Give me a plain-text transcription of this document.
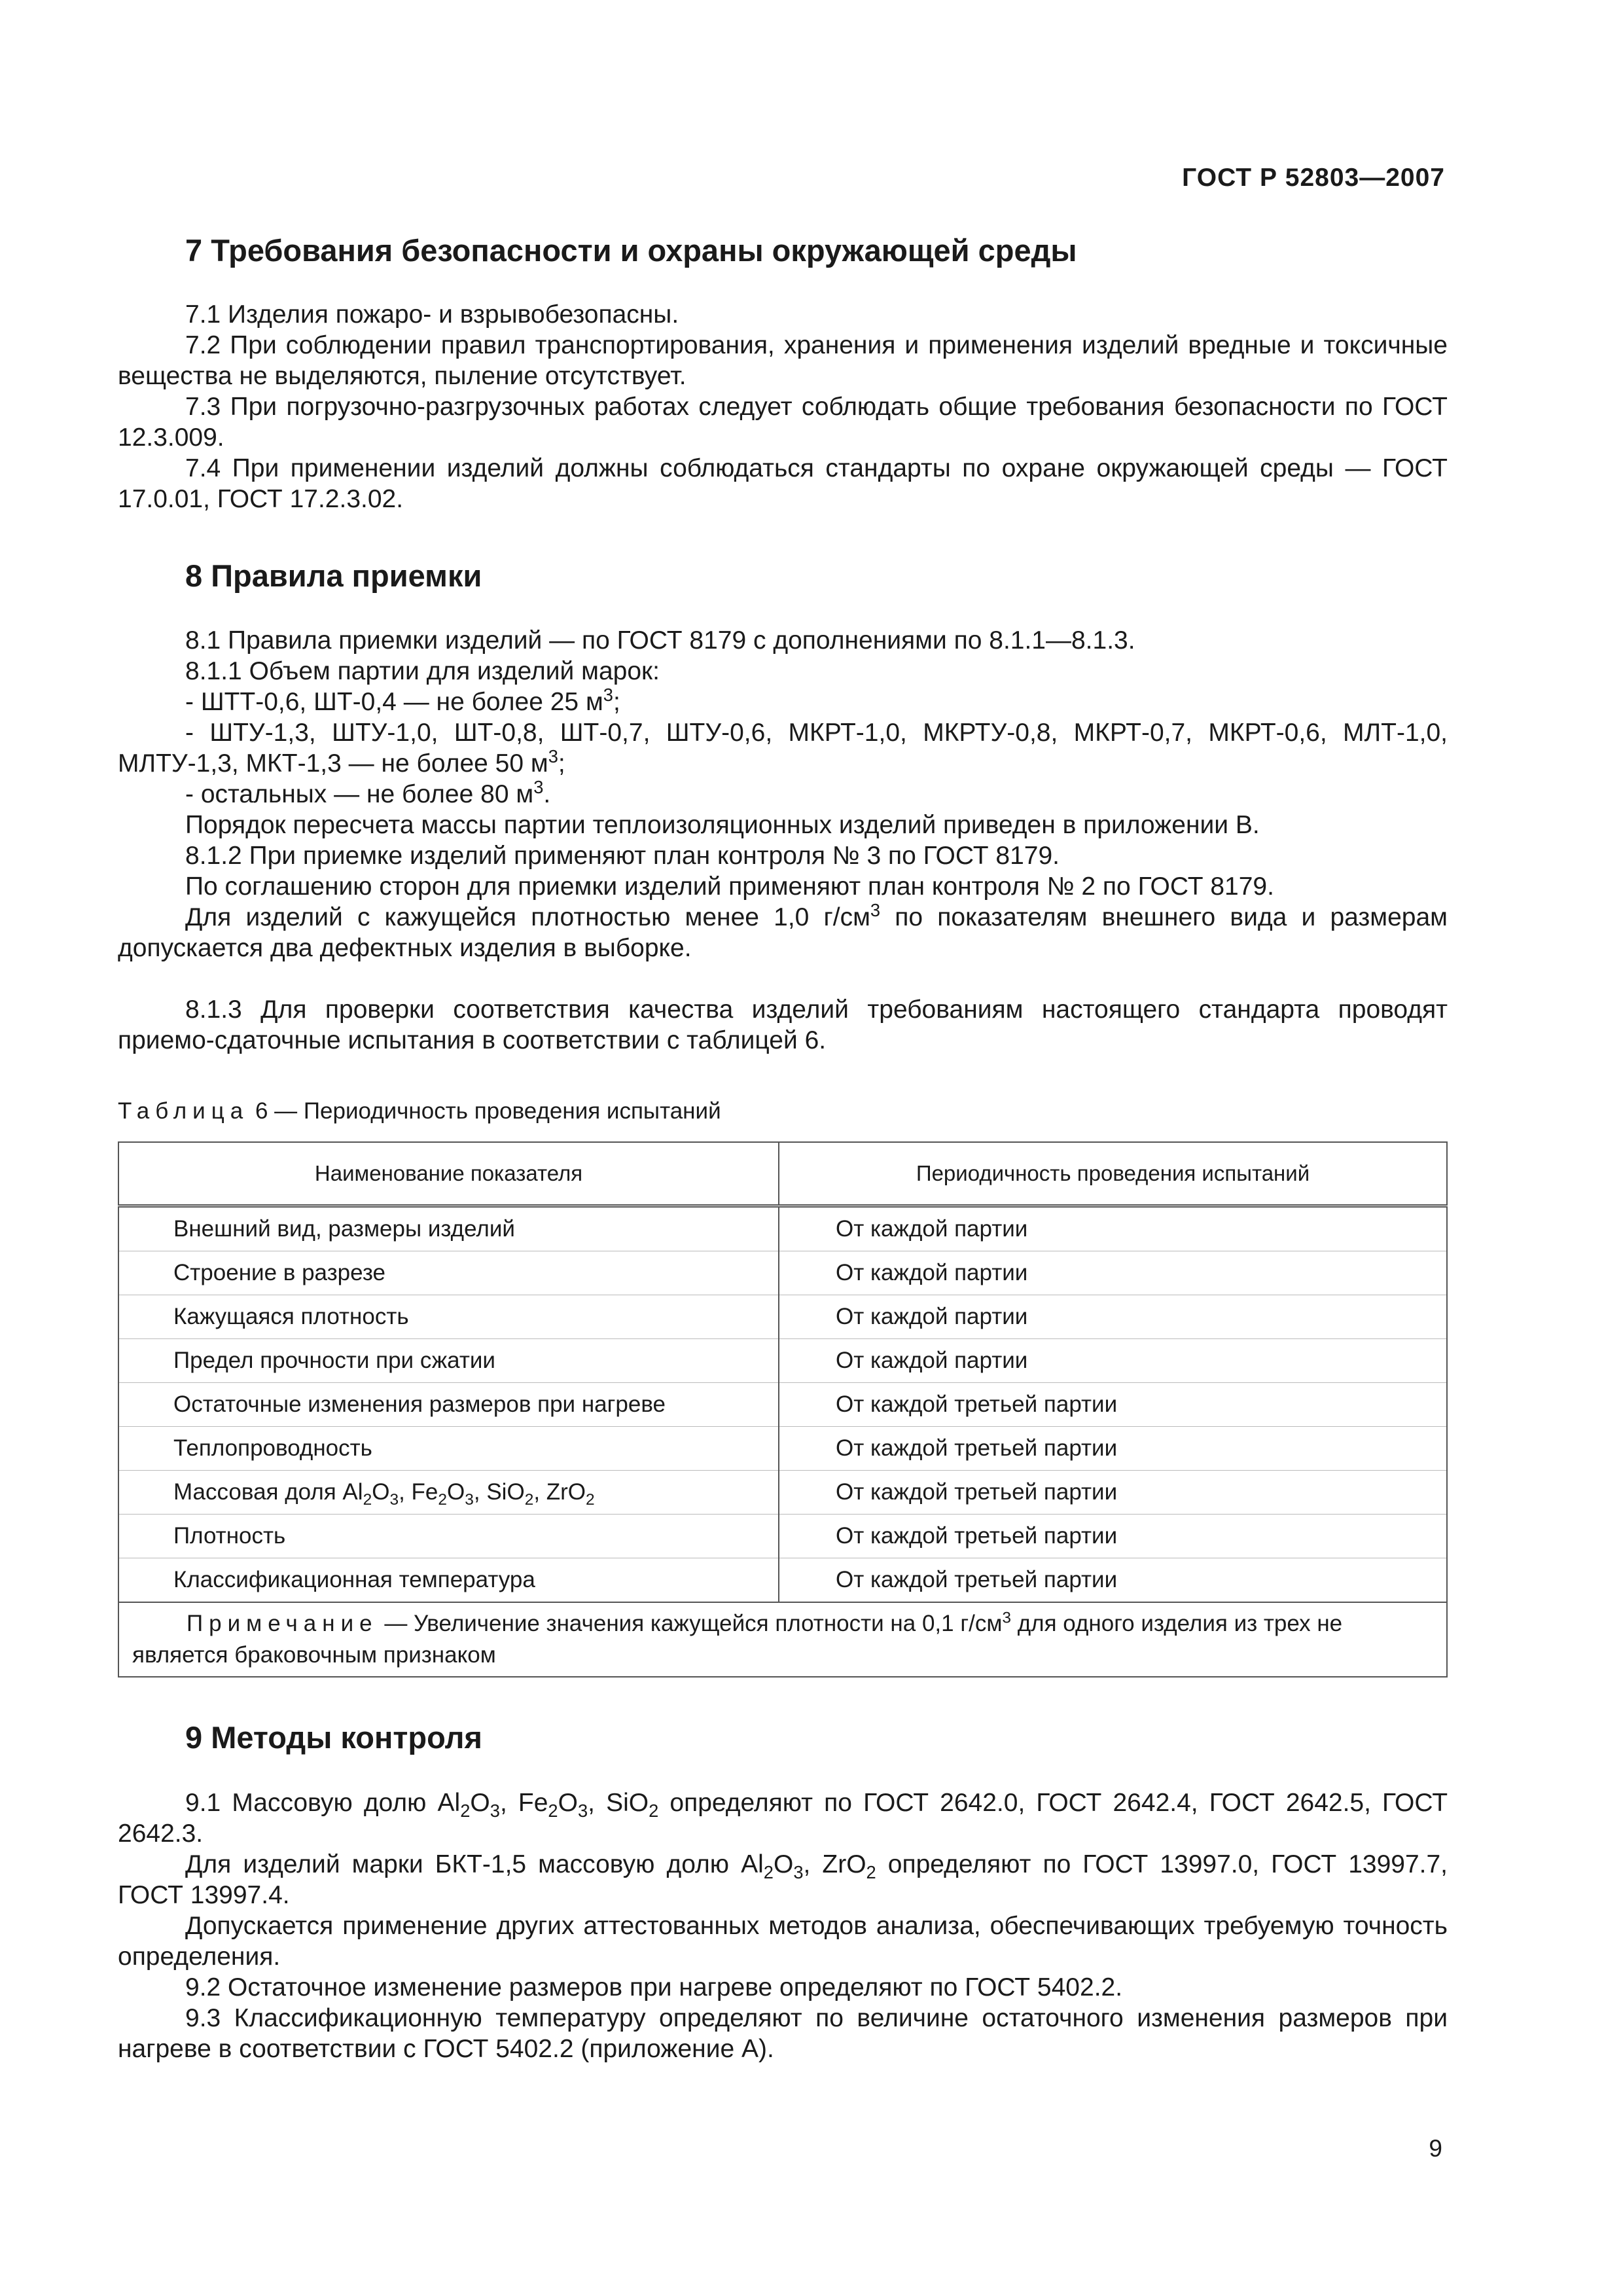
ГОСТ Р 52803—2007
7 Требования безопасности и охраны окружающей среды

7.1 Изделия пожаро- и взрывобезопасны.

7.2 При соблюдении правил транспортирования, хранения и применения изделий вредные и токсичные вещества не выделяются, пыление отсутствует.

7.3 При погрузочно-разгрузочных работах следует соблюдать общие требования безопасности по ГОСТ 12.3.009.

7.4 При применении изделий должны соблюдаться стандарты по охране окружающей среды — ГОСТ 17.0.01, ГОСТ 17.2.3.02.

8 Правила приемки

8.1 Правила приемки изделий — по ГОСТ 8179 с дополнениями по 8.1.1—8.1.3.

8.1.1 Объем партии для изделий марок:

- ШТТ-0,6, ШТ-0,4 — не более 25 $м^3$;

- ШТУ-1,3, ШТУ-1,0, ШТ-0,8, ШТ-0,7, ШТУ-0,6, МКРТ-1,0, МКРТУ-0,8, МКРТ-0,7, МКРТ-0,6, МЛТ-1,0, МЛТУ-1,3, МКТ-1,3 — не более 50 $м^3$;

- остальных — не более 80 $м^3$.

Порядок пересчета массы партии теплоизоляционных изделий приведен в приложении В.

8.1.2 При приемке изделий применяют план контроля № 3 по ГОСТ 8179.

По соглашению сторон для приемки изделий применяют план контроля № 2 по ГОСТ 8179.

Для изделий с кажущейся плотностью менее 1,0 $г/см^3$ по показателям внешнего вида и размерам допускается два дефектных изделия в выборке.

8.1.3 Для проверки соответствия качества изделий требованиям настоящего стандарта проводят приемо-сдаточные испытания в соответствии с таблицей 6.

Таблица 6 — Периодичность проведения испытаний
Наименование показателя	Периодичность проведения испытаний
Внешний вид, размеры изделий	От каждой партии
Строение в разрезе	От каждой партии
Кажущаяся плотность	От каждой партии
Предел прочности при сжатии	От каждой партии
Остаточные изменения размеров при нагреве	От каждой третьей партии
Теплопроводность	От каждой третьей партии
Массовая доля $Al_2O_3$, $Fe_2O_3$, SiO$_2$, ZrO$_2$	От каждой третьей партии
Плотность	От каждой третьей партии
Классификационная температура	От каждой третьей партии
Примечание — Увеличение значения кажущейся плотности на 0,1 $г/см^3$ для одного изделия из трех не является браковочным признаком	
9 Методы контроля

9.1 Массовую долю $Al_2O_3$, $Fe_2O_3$, SiO$_2$ определяют по ГОСТ 2642.0, ГОСТ 2642.4, ГОСТ 2642.5, ГОСТ 2642.3.

Для изделий марки БКТ-1,5 массовую долю $Al_2O_3$, ZrO$_2$ определяют по ГОСТ 13997.0, ГОСТ 13997.7, ГОСТ 13997.4.

Допускается применение других аттестованных методов анализа, обеспечивающих требуемую точность определения.

9.2 Остаточное изменение размеров при нагреве определяют по ГОСТ 5402.2.

9.3 Классификационную температуру определяют по величине остаточного изменения размеров при нагреве в соответствии с ГОСТ 5402.2 (приложение А).

9
